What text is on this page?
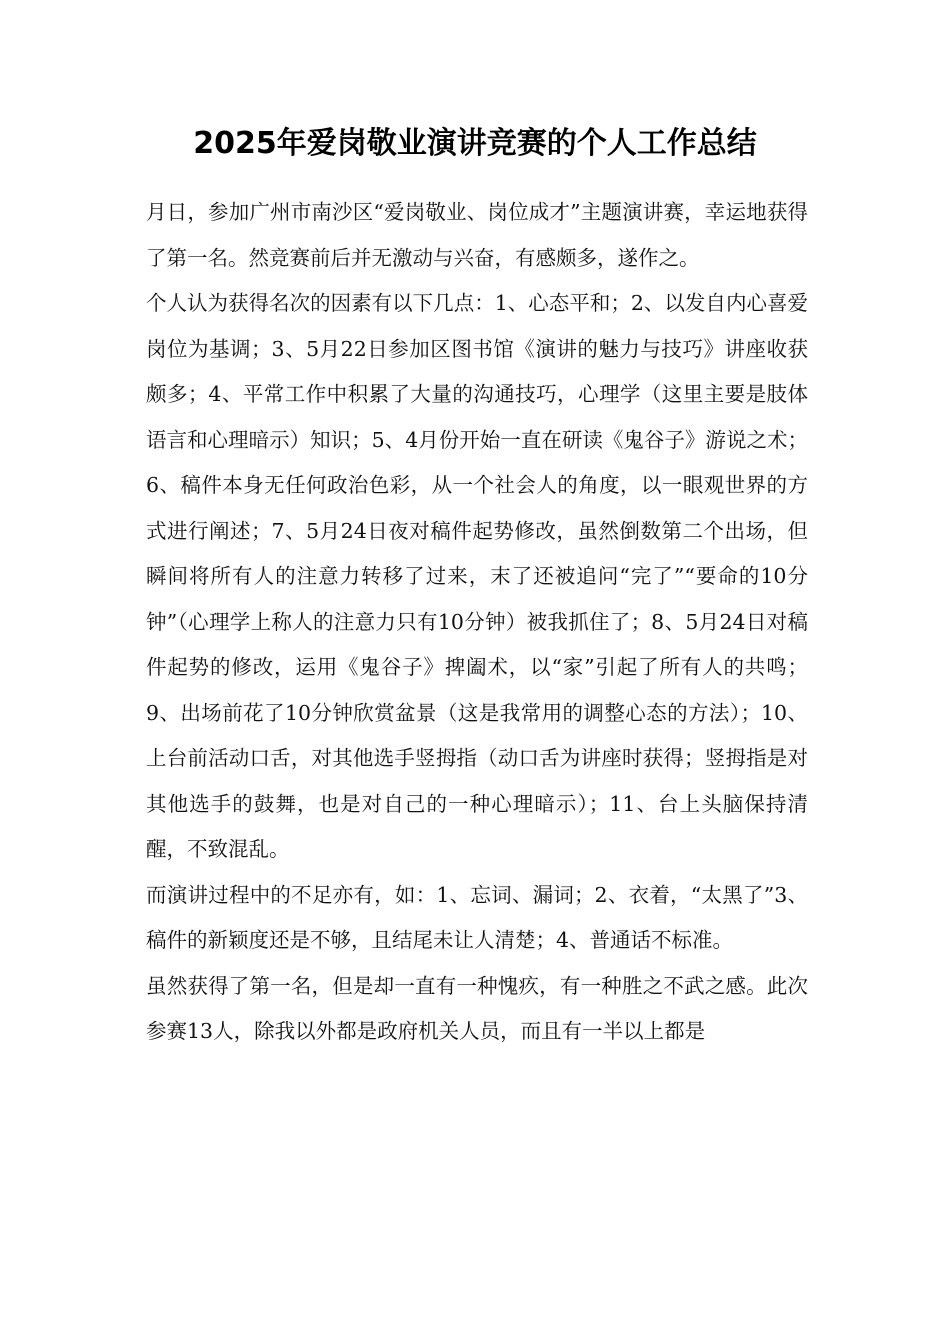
2025年爱岗敬业演讲竞赛的个人工作总结

月日，参加广州市南沙区“爱岗敬业、岗位成才”主题演讲赛，幸运地获得了第一名。然竞赛前后并无激动与兴奋，有感颇多，遂作之。

个人认为获得名次的因素有以下几点：1、心态平和；2、以发自内心喜爱岗位为基调；3、5月22日参加区图书馆《演讲的魅力与技巧》讲座收获颇多；4、平常工作中积累了大量的沟通技巧，心理学（这里主要是肢体语言和心理暗示）知识；5、4月份开始一直在研读《鬼谷子》游说之术；6、稿件本身无任何政治色彩，从一个社会人的角度，以一眼观世界的方式进行阐述；7、5月24日夜对稿件起势修改，虽然倒数第二个出场，但瞬间将所有人的注意力转移了过来，末了还被追问“完了”“要命的10分钟”（心理学上称人的注意力只有10分钟）被我抓住了；8、5月24日对稿件起势的修改，运用《鬼谷子》捭阖术，以“家”引起了所有人的共鸣；9、出场前花了10分钟欣赏盆景（这是我常用的调整心态的方法）；10、上台前活动口舌，对其他选手竖拇指（动口舌为讲座时获得；竖拇指是对其他选手的鼓舞，也是对自己的一种心理暗示）；11、台上头脑保持清醒，不致混乱。

而演讲过程中的不足亦有，如：1、忘词、漏词；2、衣着，“太黑了”3、稿件的新颖度还是不够，且结尾未让人清楚；4、普通话不标准。

虽然获得了第一名，但是却一直有一种愧疚，有一种胜之不武之感。此次参赛13人，除我以外都是政府机关人员，而且有一半以上都是
